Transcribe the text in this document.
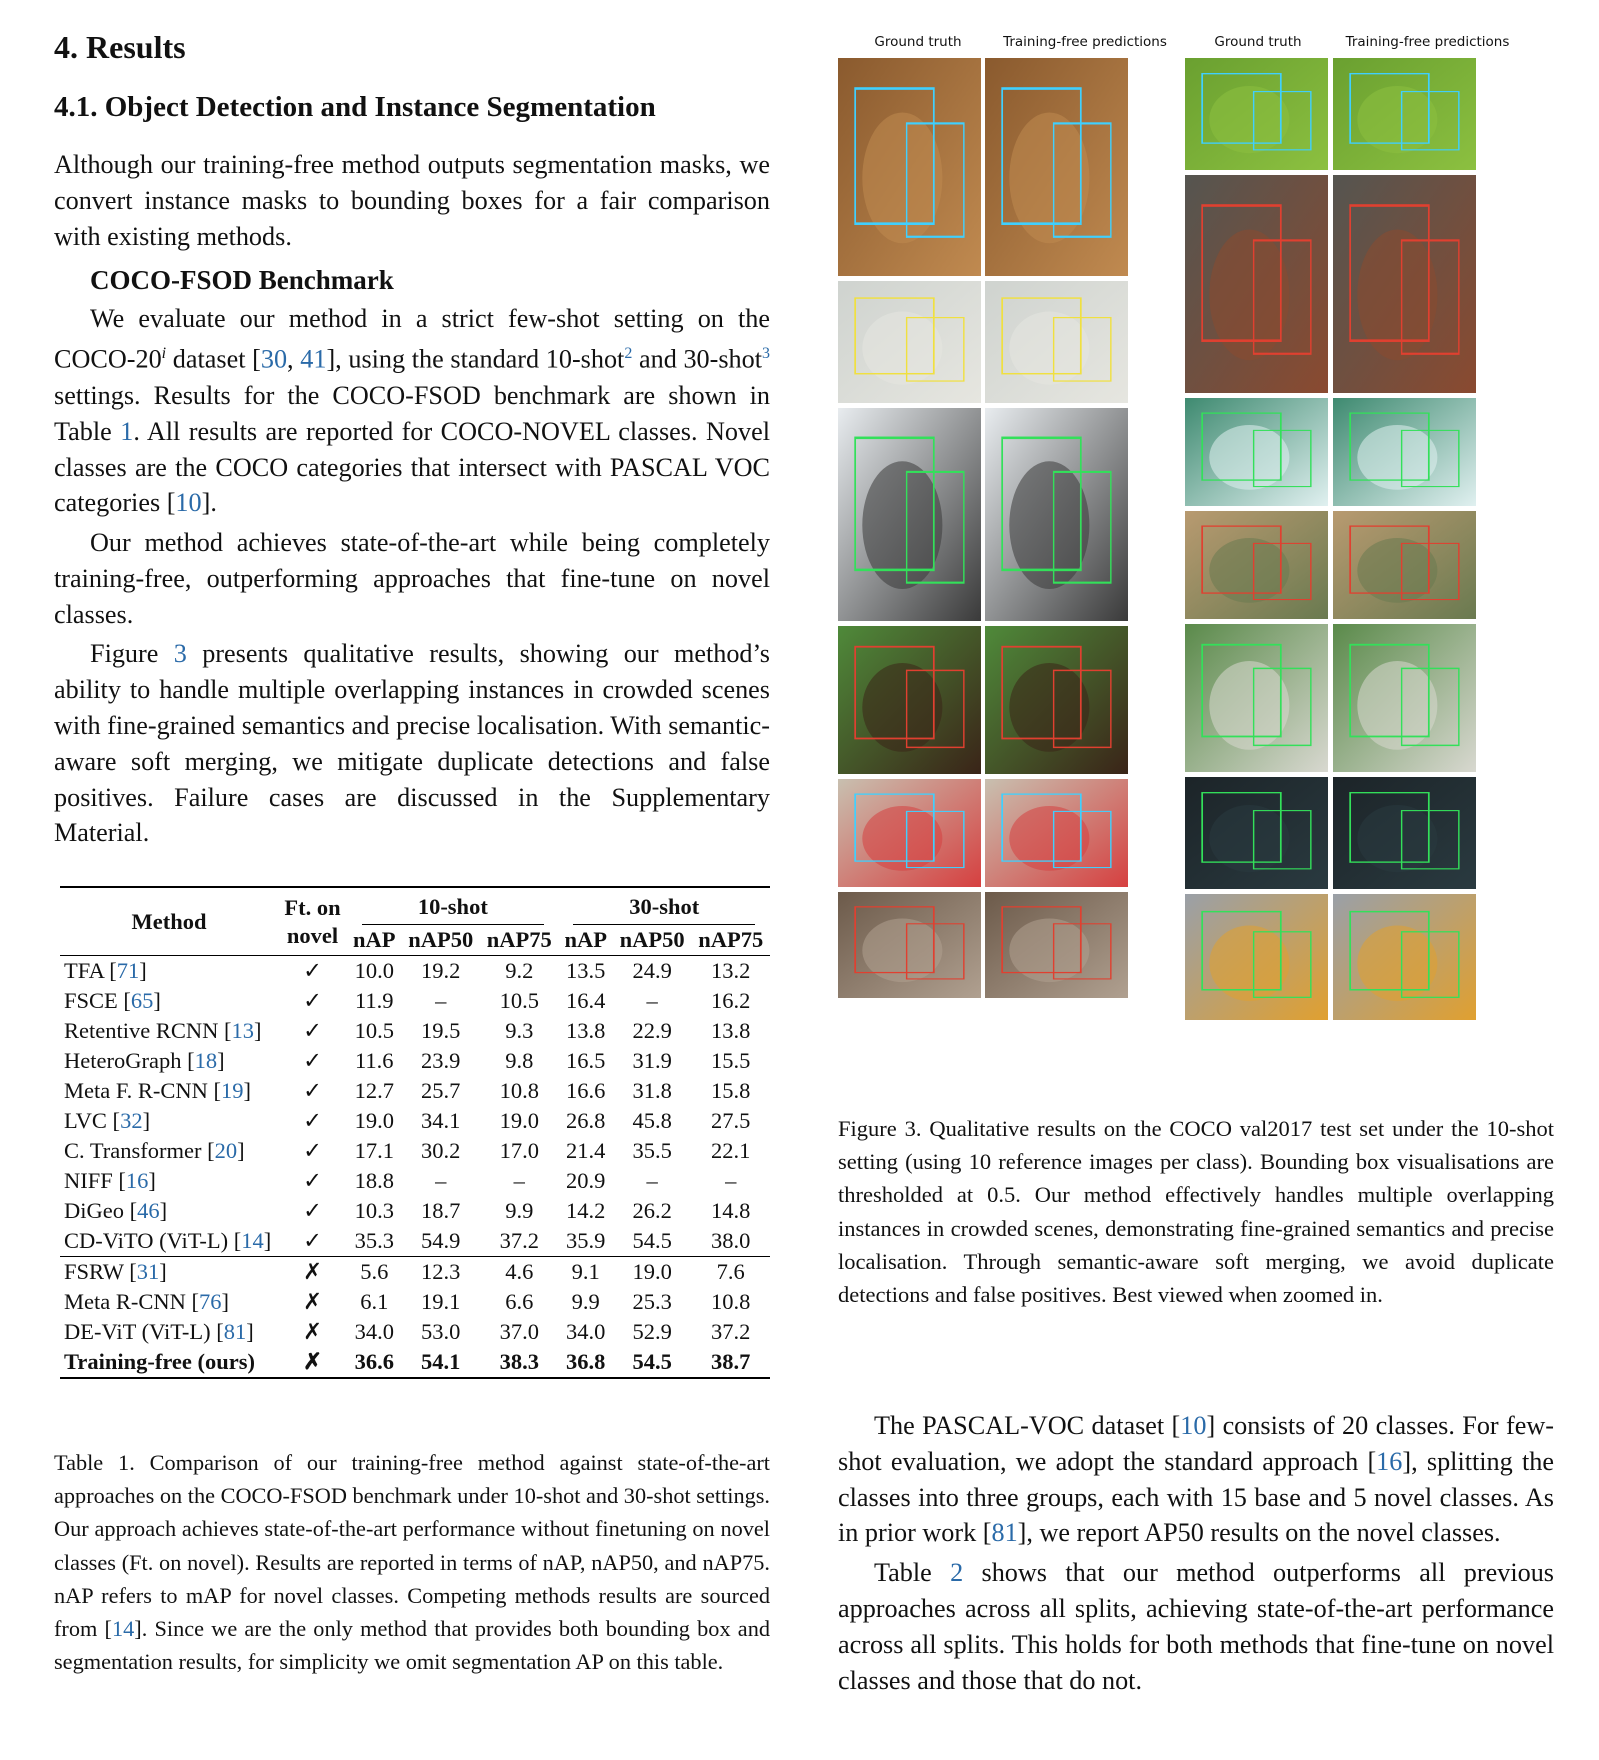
4. Results
4.1. Object Detection and Instance Segmentation

Although our training-free method outputs segmentation masks, we convert instance masks to bounding boxes for a fair comparison with existing methods.

COCO-FSOD Benchmark

We evaluate our method in a strict few-shot setting on the COCO-20$^i$ dataset [30, 41], using the standard 10-shot$^2$ and 30-shot$^3$ settings. Results for the COCO-FSOD benchmark are shown in Table 1. All results are reported for COCO-NOVEL classes. Novel classes are the COCO categories that intersect with PASCAL VOC categories [10].

Our method achieves state-of-the-art while being completely training-free, outperforming approaches that fine-tune on novel classes.

Figure 3 presents qualitative results, showing our method’s ability to handle multiple overlapping instances in crowded scenes with fine-grained semantics and precise localisation. With semantic-aware soft merging, we mitigate duplicate detections and false positives. Failure cases are discussed in the Supplementary Material.

Method	Ft. on
novel	10-shot			30-shot		
		nAP	nAP50	nAP75	nAP	nAP50	nAP75
TFA [71]	✓	10.0	19.2	9.2	13.5	24.9	13.2
FSCE [65]	✓	11.9	–	10.5	16.4	–	16.2
Retentive RCNN [13]	✓	10.5	19.5	9.3	13.8	22.9	13.8
HeteroGraph [18]	✓	11.6	23.9	9.8	16.5	31.9	15.5
Meta F. R-CNN [19]	✓	12.7	25.7	10.8	16.6	31.8	15.8
LVC [32]	✓	19.0	34.1	19.0	26.8	45.8	27.5
C. Transformer [20]	✓	17.1	30.2	17.0	21.4	35.5	22.1
NIFF [16]	✓	18.8	–	–	20.9	–	–
DiGeo [46]	✓	10.3	18.7	9.9	14.2	26.2	14.8
CD-ViTO (ViT-L) [14]	✓	35.3	54.9	37.2	35.9	54.5	38.0
FSRW [31]	✗	5.6	12.3	4.6	9.1	19.0	7.6
Meta R-CNN [76]	✗	6.1	19.1	6.6	9.9	25.3	10.8
DE-ViT (ViT-L) [81]	✗	34.0	53.0	37.0	34.0	52.9	37.2
Training-free (ours)	✗	36.6	54.1	38.3	36.8	54.5	38.7
Table 1. Comparison of our training-free method against state-of-the-art approaches on the COCO-FSOD benchmark under 10-shot and 30-shot settings. Our approach achieves state-of-the-art performance without finetuning on novel classes (Ft. on novel). Results are reported in terms of nAP, nAP50, and nAP75. nAP refers to mAP for novel classes. Competing methods results are sourced from [14]. Since we are the only method that provides both bounding box and segmentation results, for simplicity we omit segmentation AP on this table.
Ground truth	Training-free predictions	Ground truth	Training-free predictions
Figure 3. Qualitative results on the COCO val2017 test set under the 10-shot setting (using 10 reference images per class). Bounding box visualisations are thresholded at 0.5. Our method effectively handles multiple overlapping instances in crowded scenes, demonstrating fine-grained semantics and precise localisation. Through semantic-aware soft merging, we avoid duplicate detections and false positives. Best viewed when zoomed in.

The PASCAL-VOC dataset [10] consists of 20 classes. For few-shot evaluation, we adopt the standard approach [16], splitting the classes into three groups, each with 15 base and 5 novel classes. As in prior work [81], we report AP50 results on the novel classes.

Table 2 shows that our method outperforms all previous approaches across all splits, achieving state-of-the-art performance across all splits. This holds for both methods that fine-tune on novel classes and those that do not.
